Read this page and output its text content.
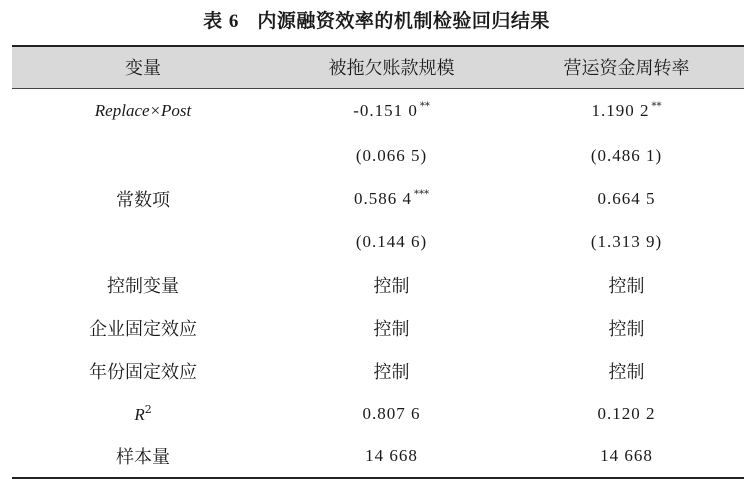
表 6 内源融资效率的机制检验回归结果
变量	被拖欠账款规模	营运资金周转率
Replace×Post	-0.151 0 **	1.190 2 **
	(0.066 5)	(0.486 1)
常数项	0.586 4 ***	0.664 5
	(0.144 6)	(1.313 9)
控制变量	控制	控制
企业固定效应	控制	控制
年份固定效应	控制	控制
$R^2$	0.807 6	0.120 2
样本量	14 668	14 668
